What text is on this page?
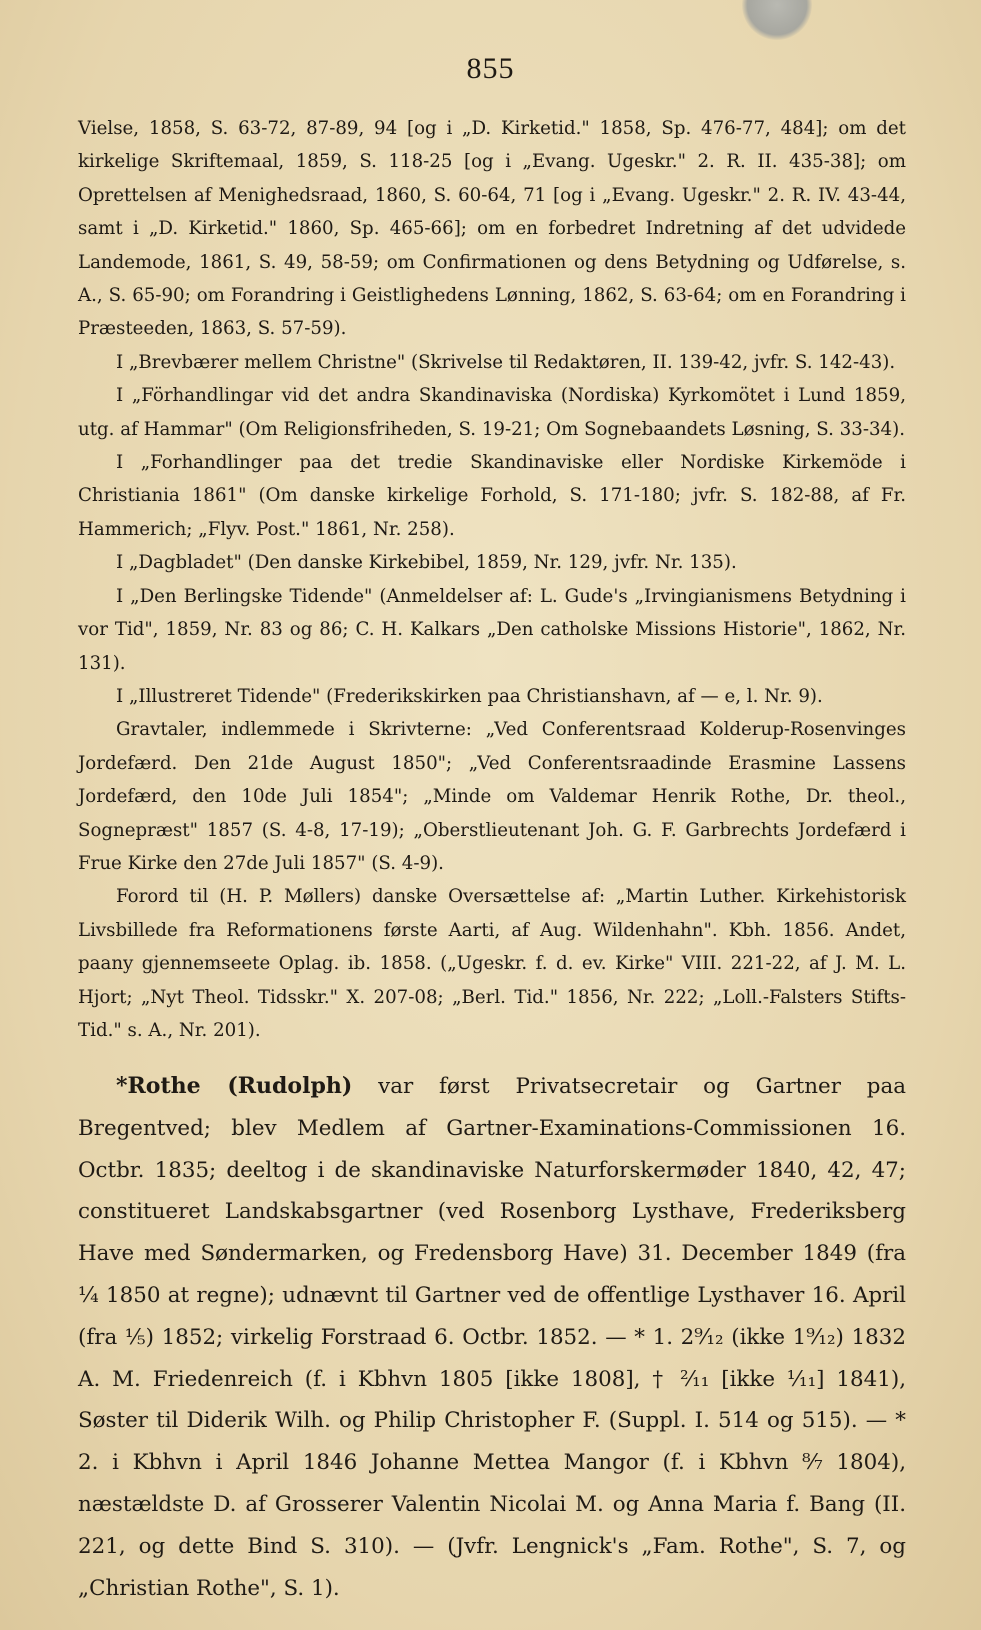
855

Vielse, 1858, S. 63-72, 87-89, 94 [og i „D. Kirketid." 1858, Sp. 476-77, 484]; om det kirkelige Skriftemaal, 1859, S. 118-25 [og i „Evang. Ugeskr." 2. R. II. 435-38]; om Oprettelsen af Menighedsraad, 1860, S. 60-64, 71 [og i „Evang. Ugeskr." 2. R. IV. 43-44, samt i „D. Kirketid." 1860, Sp. 465-66]; om en forbedret Indretning af det udvidede Landemode, 1861, S. 49, 58-59; om Confirmationen og dens Betydning og Udførelse, s. A., S. 65-90; om Forandring i Geistlighedens Lønning, 1862, S. 63-64; om en Forandring i Præsteeden, 1863, S. 57-59).

I „Brevbærer mellem Christne" (Skrivelse til Redaktøren, II. 139-42, jvfr. S. 142-43).

I „Förhandlingar vid det andra Skandinaviska (Nordiska) Kyrkomötet i Lund 1859, utg. af Hammar" (Om Religionsfriheden, S. 19-21; Om Sognebaandets Løsning, S. 33-34).

I „Forhandlinger paa det tredie Skandinaviske eller Nordiske Kirkemöde i Christiania 1861" (Om danske kirkelige Forhold, S. 171-180; jvfr. S. 182-88, af Fr. Hammerich; „Flyv. Post." 1861, Nr. 258).

I „Dagbladet" (Den danske Kirkebibel, 1859, Nr. 129, jvfr. Nr. 135).

I „Den Berlingske Tidende" (Anmeldelser af: L. Gude's „Irvingianismens Betydning i vor Tid", 1859, Nr. 83 og 86; C. H. Kalkars „Den catholske Missions Historie", 1862, Nr. 131).

I „Illustreret Tidende" (Frederikskirken paa Christianshavn, af — e, l. Nr. 9).

Gravtaler, indlemmede i Skrivterne: „Ved Conferentsraad Kolderup-Rosenvinges Jordefærd. Den 21de August 1850"; „Ved Conferentsraadinde Erasmine Lassens Jordefærd, den 10de Juli 1854"; „Minde om Valdemar Henrik Rothe, Dr. theol., Sognepræst" 1857 (S. 4-8, 17-19); „Oberstlieutenant Joh. G. F. Garbrechts Jordefærd i Frue Kirke den 27de Juli 1857" (S. 4-9).

Forord til (H. P. Møllers) danske Oversættelse af: „Martin Luther. Kirkehistorisk Livsbillede fra Reformationens første Aarti, af Aug. Wildenhahn". Kbh. 1856. Andet, paany gjennemseete Oplag. ib. 1858. („Ugeskr. f. d. ev. Kirke" VIII. 221-22, af J. M. L. Hjort; „Nyt Theol. Tidsskr." X. 207-08; „Berl. Tid." 1856, Nr. 222; „Loll.-Falsters Stifts-Tid." s. A., Nr. 201).

*Rothe (Rudolph) var først Privatsecretair og Gartner paa Bregentved; blev Medlem af Gartner-Examinations-Commissionen 16. Octbr. 1835; deeltog i de skandinaviske Naturforskermøder 1840, 42, 47; constitueret Landskabsgartner (ved Rosenborg Lysthave, Frederiksberg Have med Søndermarken, og Fredensborg Have) 31. December 1849 (fra ¼ 1850 at regne); udnævnt til Gartner ved de offentlige Lysthaver 16. April (fra ⅕) 1852; virkelig Forstraad 6. Octbr. 1852. — * 1. 2⁹⁄₁₂ (ikke 1⁹⁄₁₂) 1832 A. M. Friedenreich (f. i Kbhvn 1805 [ikke 1808], † ²⁄₁₁ [ikke ¹⁄₁₁] 1841), Søster til Diderik Wilh. og Philip Christopher F. (Suppl. I. 514 og 515). — * 2. i Kbhvn i April 1846 Johanne Mettea Mangor (f. i Kbhvn ⁸⁄₇ 1804), næstældste D. af Grosserer Valentin Nicolai M. og Anna Maria f. Bang (II. 221, og dette Bind S. 310). — (Jvfr. Lengnick's „Fam. Rothe", S. 7, og „Christian Rothe", S. 1).
